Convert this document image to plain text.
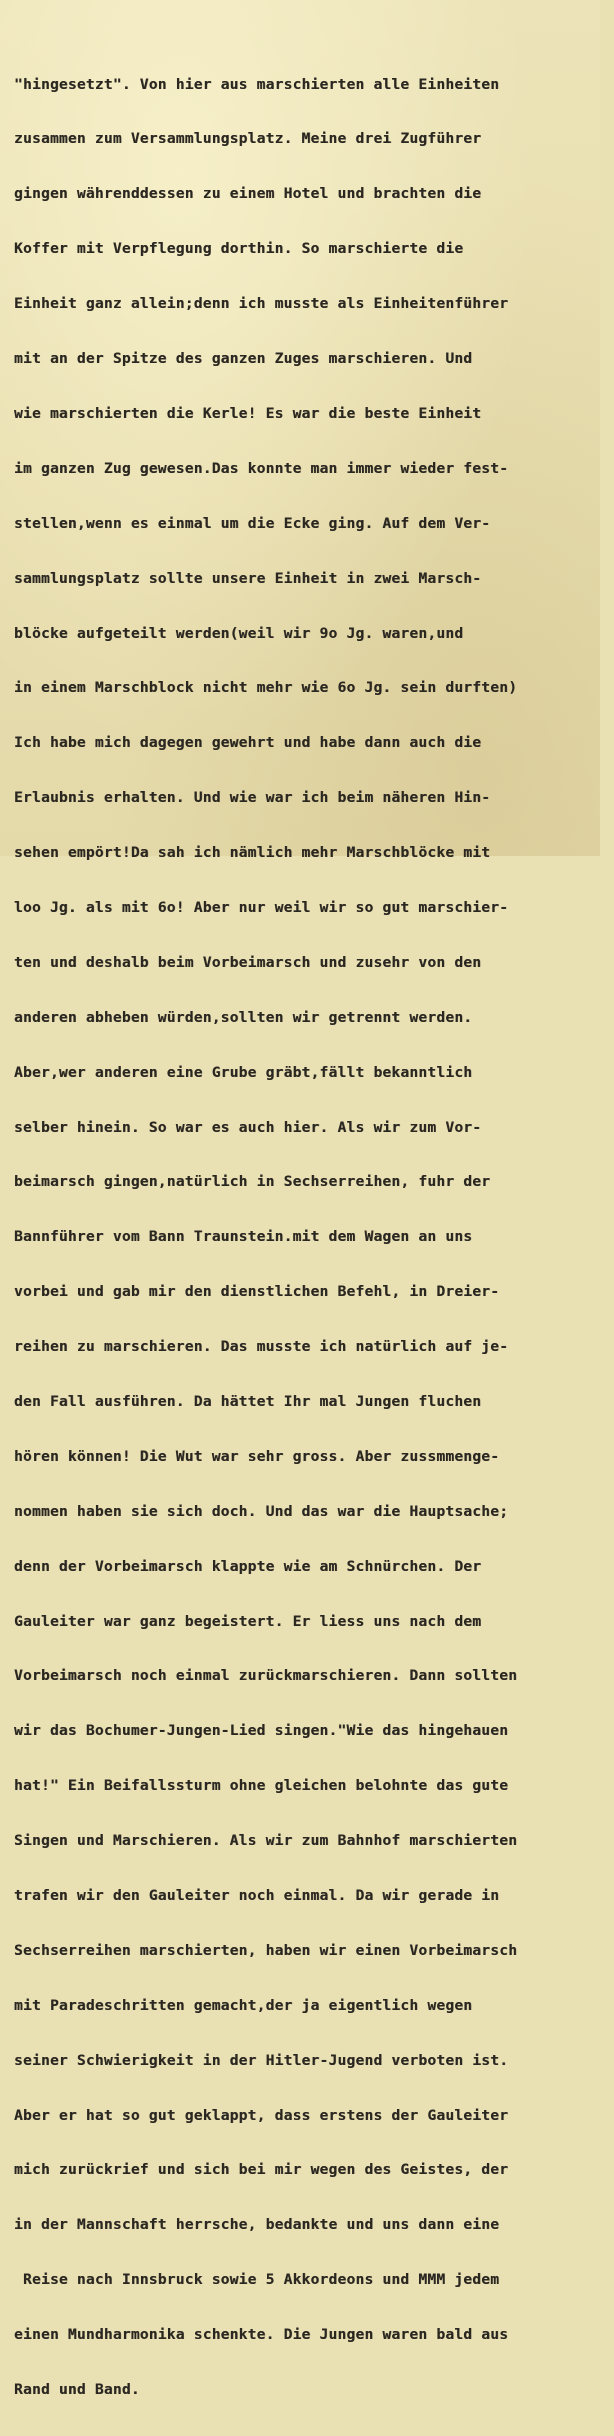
"hingesetzt". Von hier aus marschierten alle Einheiten

zusammen zum Versammlungsplatz. Meine drei Zugführer

gingen währenddessen zu einem Hotel und brachten die

Koffer mit Verpflegung dorthin. So marschierte die

Einheit ganz allein;denn ich musste als Einheitenführer

mit an der Spitze des ganzen Zuges marschieren. Und

wie marschierten die Kerle! Es war die beste Einheit

im ganzen Zug gewesen.Das konnte man immer wieder fest-

stellen,wenn es einmal um die Ecke ging. Auf dem Ver-

sammlungsplatz sollte unsere Einheit in zwei Marsch-

blöcke aufgeteilt werden(weil wir 9o Jg. waren,und

in einem Marschblock nicht mehr wie 6o Jg. sein durften)

Ich habe mich dagegen gewehrt und habe dann auch die

Erlaubnis erhalten. Und wie war ich beim näheren Hin-

sehen empört!Da sah ich nämlich mehr Marschblöcke mit

loo Jg. als mit 6o! Aber nur weil wir so gut marschier-

ten und deshalb beim Vorbeimarsch und zusehr von den

anderen abheben würden,sollten wir getrennt werden.

Aber,wer anderen eine Grube gräbt,fällt bekanntlich

selber hinein. So war es auch hier. Als wir zum Vor-

beimarsch gingen,natürlich in Sechserreihen, fuhr der

Bannführer vom Bann Traunstein.mit dem Wagen an uns

vorbei und gab mir den dienstlichen Befehl, in Dreier-

reihen zu marschieren. Das musste ich natürlich auf je-

den Fall ausführen. Da hättet Ihr mal Jungen fluchen

hören können! Die Wut war sehr gross. Aber zussmmenge-

nommen haben sie sich doch. Und das war die Hauptsache;

denn der Vorbeimarsch klappte wie am Schnürchen. Der

Gauleiter war ganz begeistert. Er liess uns nach dem

Vorbeimarsch noch einmal zurückmarschieren. Dann sollten

wir das Bochumer-Jungen-Lied singen."Wie das hingehauen

hat!" Ein Beifallssturm ohne gleichen belohnte das gute

Singen und Marschieren. Als wir zum Bahnhof marschierten

trafen wir den Gauleiter noch einmal. Da wir gerade in

Sechserreihen marschierten, haben wir einen Vorbeimarsch

mit Paradeschritten gemacht,der ja eigentlich wegen

seiner Schwierigkeit in der Hitler-Jugend verboten ist.

Aber er hat so gut geklappt, dass erstens der Gauleiter

mich zurückrief und sich bei mir wegen des Geistes, der

in der Mannschaft herrsche, bedankte und uns dann eine

Reise nach Innsbruck sowie 5 Akkordeons und MMM jedem

einen Mundharmonika schenkte. Die Jungen waren bald aus

Rand und Band.
